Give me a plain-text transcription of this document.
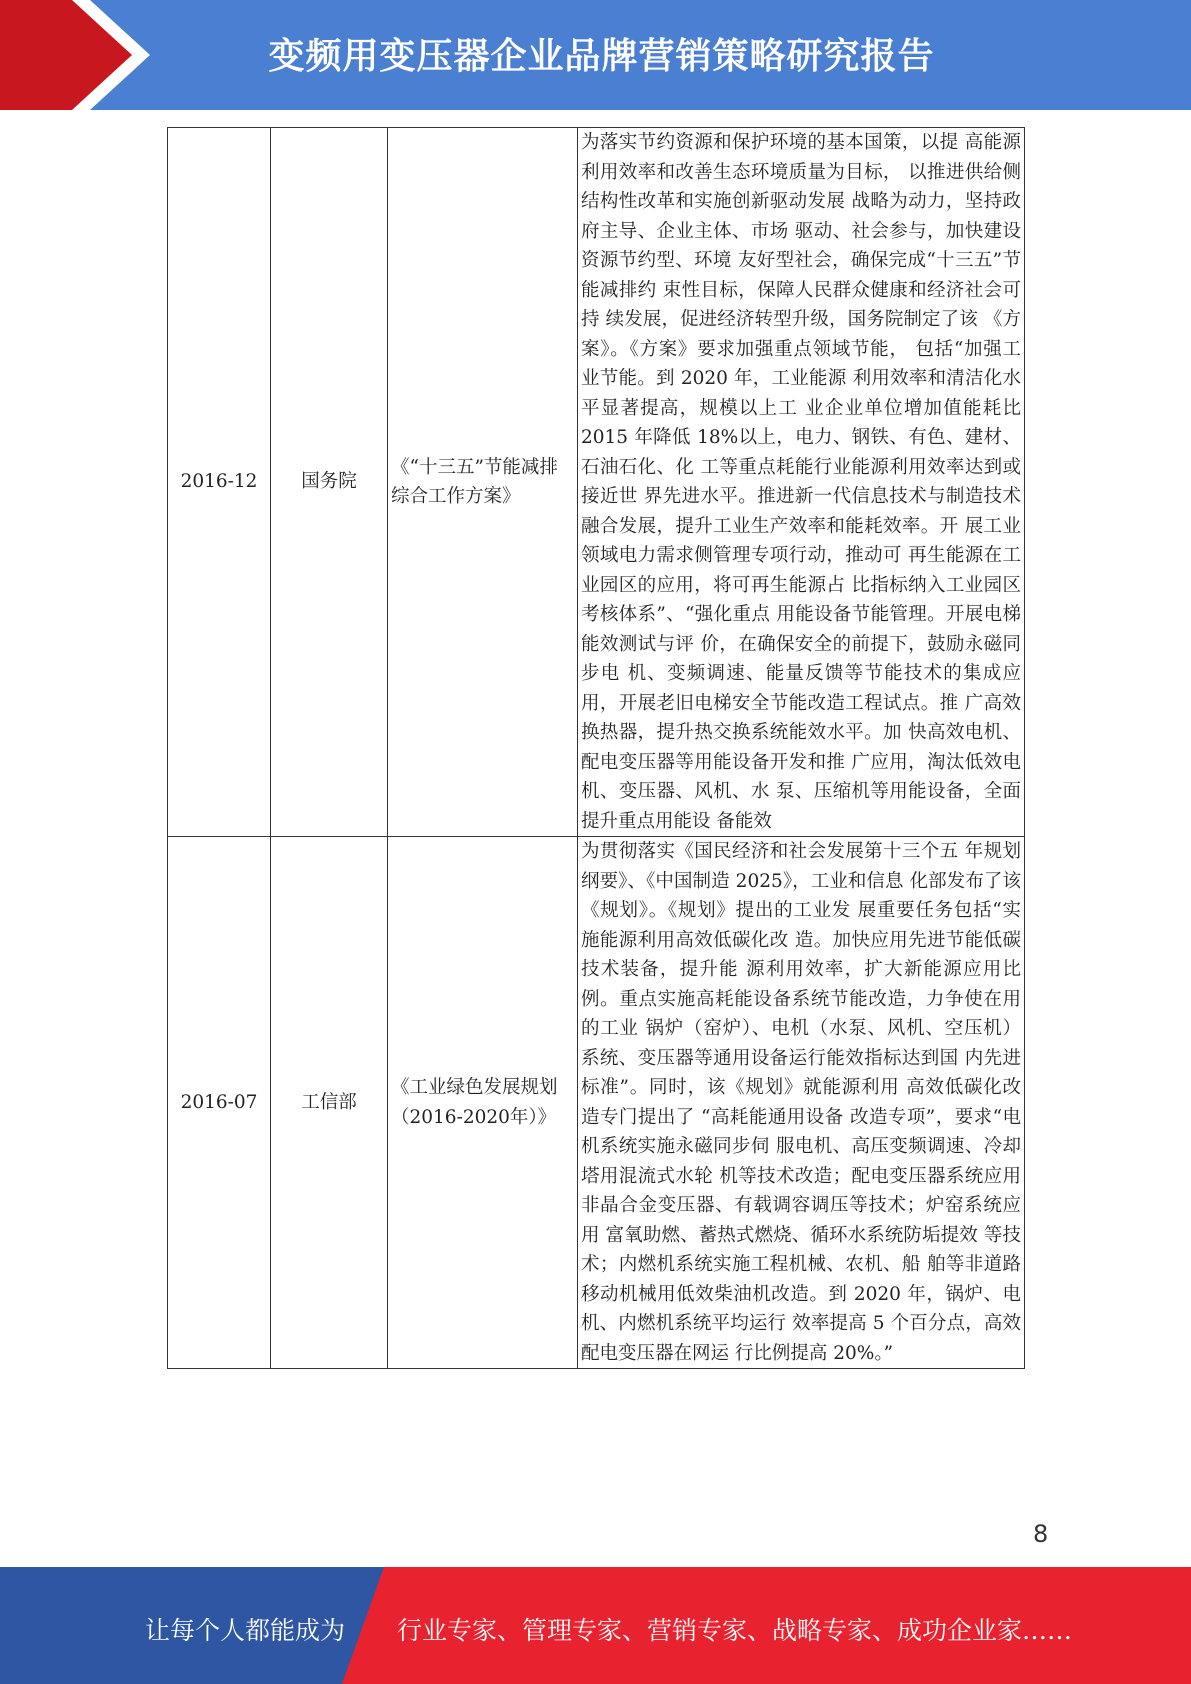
变频用变压器企业品牌营销策略研究报告
2016-12	国务院	《“十三五”节能减排综合工作方案》	为落实节约资源和保护环境的基本国策，以提 高能源利用效率和改善生态环境质量为目标， 以推进供给侧结构性改革和实施创新驱动发展 战略为动力，坚持政府主导、企业主体、市场 驱动、社会参与，加快建设资源节约型、环境 友好型社会，确保完成“十三五”节能减排约 束性目标，保障人民群众健康和经济社会可持 续发展，促进经济转型升级，国务院制定了该 《方案》。《方案》要求加强重点领域节能， 包括“加强工业节能。到 2020 年，工业能源 利用效率和清洁化水平显著提高，规模以上工 业企业单位增加值能耗比 2015 年降低 18%以上，电力、钢铁、有色、建材、石油石化、化 工等重点耗能行业能源利用效率达到或接近世 界先进水平。推进新一代信息技术与制造技术 融合发展，提升工业生产效率和能耗效率。开 展工业领域电力需求侧管理专项行动，推动可 再生能源在工业园区的应用，将可再生能源占 比指标纳入工业园区考核体系”、“强化重点 用能设备节能管理。开展电梯能效测试与评 价，在确保安全的前提下，鼓励永磁同步电 机、变频调速、能量反馈等节能技术的集成应 用，开展老旧电梯安全节能改造工程试点。推 广高效换热器，提升热交换系统能效水平。加 快高效电机、配电变压器等用能设备开发和推 广应用，淘汰低效电机、变压器、风机、水 泵、压缩机等用能设备，全面提升重点用能设 备能效
2016-07	工信部	《工业绿色发展规划 （2016-2020年）》	为贯彻落实《国民经济和社会发展第十三个五 年规划纲要》、《中国制造 2025》，工业和信息 化部发布了该《规划》。《规划》提出的工业发 展重要任务包括“实施能源利用高效低碳化改 造。加快应用先进节能低碳技术装备，提升能 源利用效率，扩大新能源应用比例。重点实施高耗能设备系统节能改造，力争使在用的工业 锅炉（窑炉）、电机（水泵、风机、空压机） 系统、变压器等通用设备运行能效指标达到国 内先进标准”。同时，该《规划》就能源利用 高效低碳化改造专门提出了 “高耗能通用设备 改造专项”，要求“电机系统实施永磁同步伺 服电机、高压变频调速、冷却塔用混流式水轮 机等技术改造；配电变压器系统应用非晶合金变压器、有载调容调压等技术；炉窑系统应用 富氧助燃、蓄热式燃烧、循环水系统防垢提效 等技术；内燃机系统实施工程机械、农机、船 舶等非道路移动机械用低效柴油机改造。到 2020 年，锅炉、电机、内燃机系统平均运行 效率提高 5 个百分点，高效配电变压器在网运 行比例提高 20%。”
8
让每个人都能成为 行业专家、管理专家、营销专家、战略专家、成功企业家……
